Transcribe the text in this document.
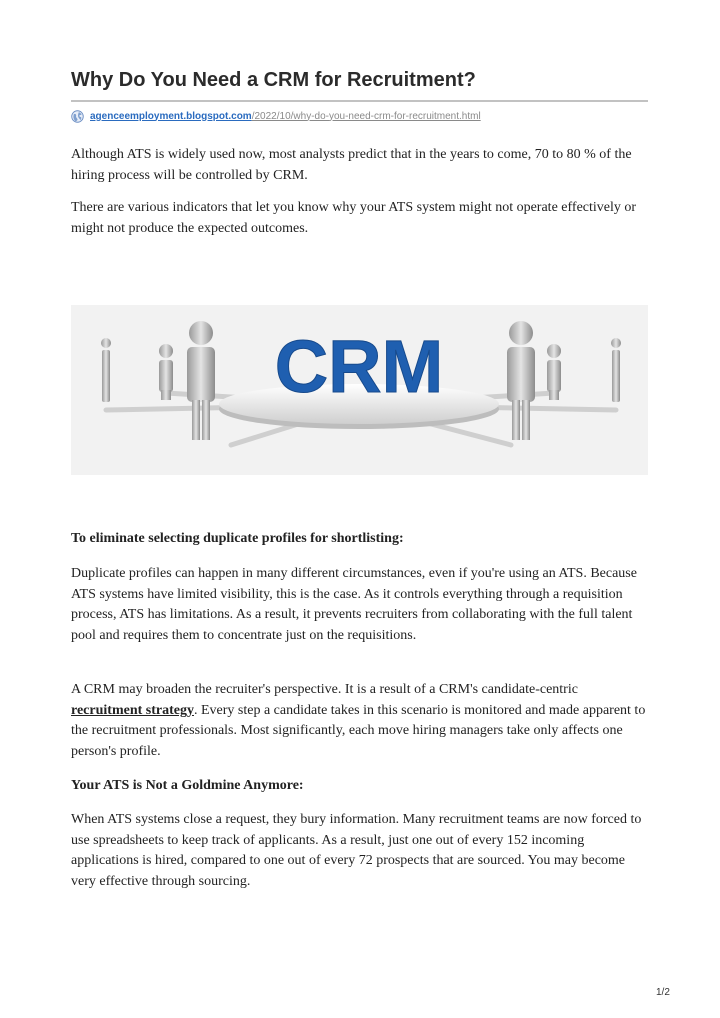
Why Do You Need a CRM for Recruitment?
agenceemployment.blogspot.com/2022/10/why-do-you-need-crm-for-recruitment.html

Although ATS is widely used now, most analysts predict that in the years to come, 70 to 80 % of the hiring process will be controlled by CRM.

There are various indicators that let you know why your ATS system might not operate effectively or might not produce the expected outcomes.

CRM

To eliminate selecting duplicate profiles for shortlisting:

Duplicate profiles can happen in many different circumstances, even if you're using an ATS. Because ATS systems have limited visibility, this is the case. As it controls everything through a requisition process, ATS has limitations. As a result, it prevents recruiters from collaborating with the full talent pool and requires them to concentrate just on the requisitions.

A CRM may broaden the recruiter's perspective. It is a result of a CRM's candidate-centric recruitment strategy. Every step a candidate takes in this scenario is monitored and made apparent to the recruitment professionals. Most significantly, each move hiring managers take only affects one person's profile.

Your ATS is Not a Goldmine Anymore:

When ATS systems close a request, they bury information. Many recruitment teams are now forced to use spreadsheets to keep track of applicants. As a result, just one out of every 152 incoming applications is hired, compared to one out of every 72 prospects that are sourced. You may become very effective through sourcing.

1/2
